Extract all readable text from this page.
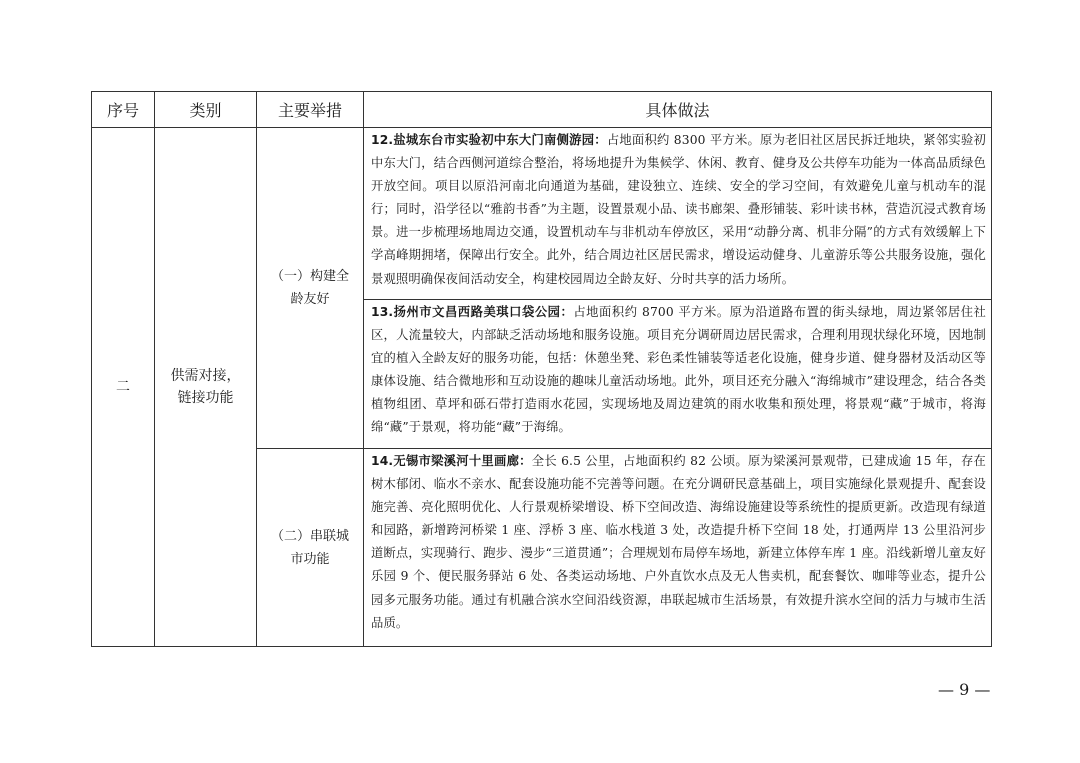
序号	类别	主要举措	具体做法
二	供需对接，链接功能	（一）构建全龄友好	12.盐城东台市实验初中东大门南侧游园：占地面积约 8300 平方米。原为老旧社区居民拆迁地块，紧邻实验初中东大门，结合西侧河道综合整治，将场地提升为集候学、休闲、教育、健身及公共停车功能为一体高品质绿色开放空间。项目以原沿河南北向通道为基础，建设独立、连续、安全的学习空间，有效避免儿童与机动车的混行；同时，沿学径以“雅韵书香”为主题，设置景观小品、读书廊架、叠形铺装、彩叶读书林，营造沉浸式教育场景。进一步梳理场地周边交通，设置机动车与非机动车停放区，采用“动静分离、机非分隔”的方式有效缓解上下学高峰期拥堵，保障出行安全。此外，结合周边社区居民需求，增设运动健身、儿童游乐等公共服务设施，强化景观照明确保夜间活动安全，构建校园周边全龄友好、分时共享的活力场所。
			13.扬州市文昌西路美琪口袋公园：占地面积约 8700 平方米。原为沿道路布置的街头绿地，周边紧邻居住社区，人流量较大，内部缺乏活动场地和服务设施。项目充分调研周边居民需求，合理利用现状绿化环境，因地制宜的植入全龄友好的服务功能，包括：休憩坐凳、彩色柔性铺装等适老化设施，健身步道、健身器材及活动区等康体设施、结合微地形和互动设施的趣味儿童活动场地。此外，项目还充分融入“海绵城市”建设理念，结合各类植物组团、草坪和砾石带打造雨水花园，实现场地及周边建筑的雨水收集和预处理，将景观“藏”于城市，将海绵“藏”于景观，将功能“藏”于海绵。
		（二）串联城市功能	14.无锡市梁溪河十里画廊：全长 6.5 公里，占地面积约 82 公顷。原为梁溪河景观带，已建成逾 15 年，存在树木郁闭、临水不亲水、配套设施功能不完善等问题。在充分调研民意基础上，项目实施绿化景观提升、配套设施完善、亮化照明优化、人行景观桥梁增设、桥下空间改造、海绵设施建设等系统性的提质更新。改造现有绿道和园路，新增跨河桥梁 1 座、浮桥 3 座、临水栈道 3 处，改造提升桥下空间 18 处，打通两岸 13 公里沿河步道断点，实现骑行、跑步、漫步“三道贯通”；合理规划布局停车场地，新建立体停车库 1 座。沿线新增儿童友好乐园 9 个、便民服务驿站 6 处、各类运动场地、户外直饮水点及无人售卖机，配套餐饮、咖啡等业态，提升公园多元服务功能。通过有机融合滨水空间沿线资源，串联起城市生活场景，有效提升滨水空间的活力与城市生活品质。
— 9 —
